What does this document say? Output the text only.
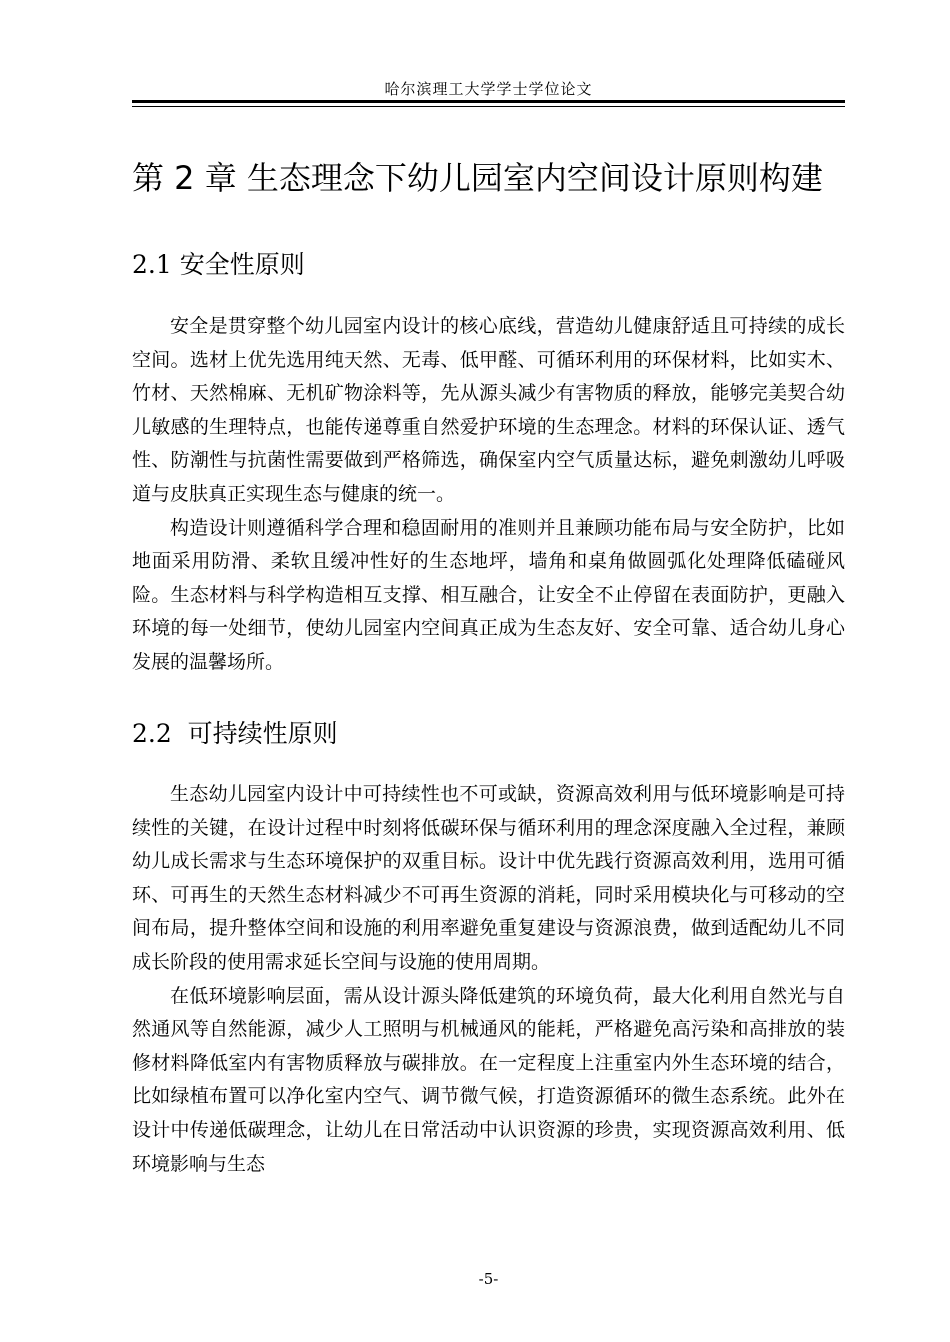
哈尔滨理工大学学士学位论文
第 2 章 生态理念下幼儿园室内空间设计原则构建
2.1 安全性原则

安全是贯穿整个幼儿园室内设计的核心底线，营造幼儿健康舒适且可持续的成长空间。选材上优先选用纯天然、无毒、低甲醛、可循环利用的环保材料，比如实木、竹材、天然棉麻、无机矿物涂料等，先从源头减少有害物质的释放，能够完美契合幼儿敏感的生理特点，也能传递尊重自然爱护环境的生态理念。材料的环保认证、透气性、防潮性与抗菌性需要做到严格筛选，确保室内空气质量达标，避免刺激幼儿呼吸道与皮肤真正实现生态与健康的统一。

构造设计则遵循科学合理和稳固耐用的准则并且兼顾功能布局与安全防护，比如地面采用防滑、柔软且缓冲性好的生态地坪，墙角和桌角做圆弧化处理降低磕碰风险。生态材料与科学构造相互支撑、相互融合，让安全不止停留在表面防护，更融入环境的每一处细节，使幼儿园室内空间真正成为生态友好、安全可靠、适合幼儿身心发展的温馨场所。

2.2 可持续性原则

生态幼儿园室内设计中可持续性也不可或缺，资源高效利用与低环境影响是可持续性的关键，在设计过程中时刻将低碳环保与循环利用的理念深度融入全过程，兼顾幼儿成长需求与生态环境保护的双重目标。设计中优先践行资源高效利用，选用可循环、可再生的天然生态材料减少不可再生资源的消耗，同时采用模块化与可移动的空间布局，提升整体空间和设施的利用率避免重复建设与资源浪费，做到适配幼儿不同成长阶段的使用需求延长空间与设施的使用周期。

在低环境影响层面，需从设计源头降低建筑的环境负荷，最大化利用自然光与自然通风等自然能源，减少人工照明与机械通风的能耗，严格避免高污染和高排放的装修材料降低室内有害物质释放与碳排放。在一定程度上注重室内外生态环境的结合，比如绿植布置可以净化室内空气、调节微气候，打造资源循环的微生态系统。此外在设计中传递低碳理念，让幼儿在日常活动中认识资源的珍贵，实现资源高效利用、低环境影响与生态

-5-
